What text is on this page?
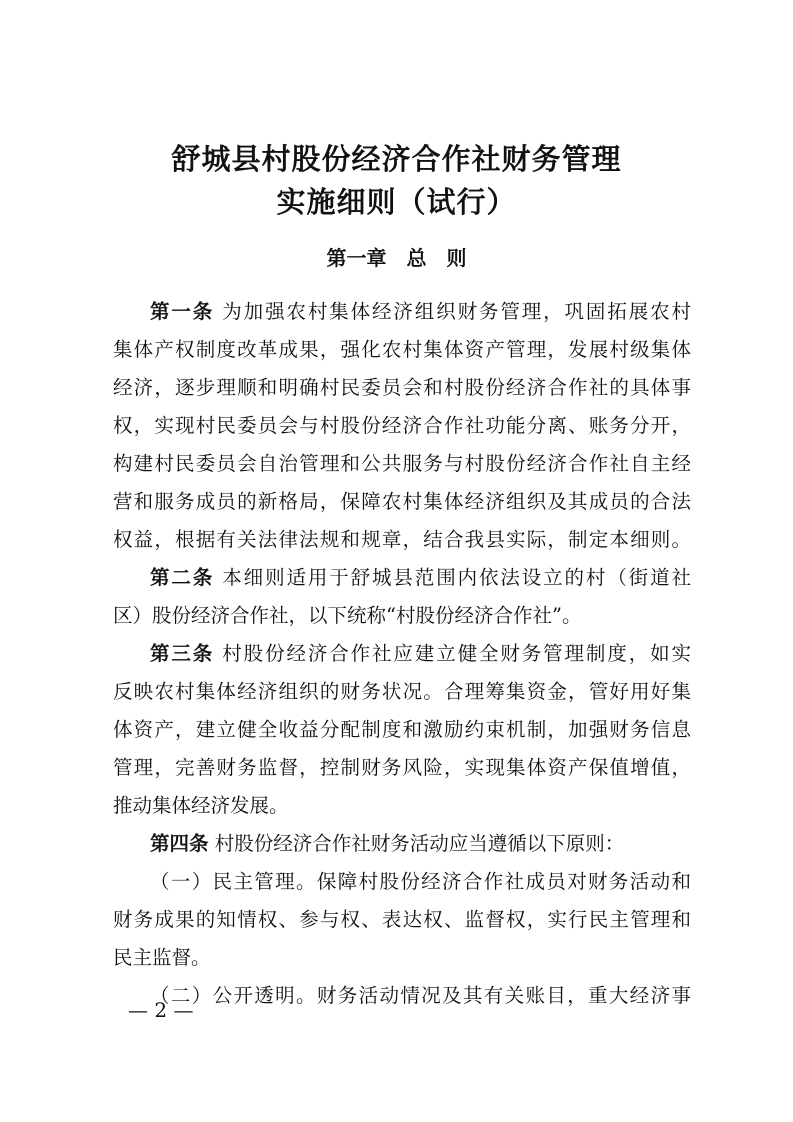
舒城县村股份经济合作社财务管理
实施细则（试行）
第一章　总　则
第一条 为加强农村集体经济组织财务管理，巩固拓展农村
集体产权制度改革成果，强化农村集体资产管理，发展村级集体
经济，逐步理顺和明确村民委员会和村股份经济合作社的具体事
权，实现村民委员会与村股份经济合作社功能分离、账务分开，
构建村民委员会自治管理和公共服务与村股份经济合作社自主经
营和服务成员的新格局，保障农村集体经济组织及其成员的合法
权益，根据有关法律法规和规章，结合我县实际，制定本细则。
第二条 本细则适用于舒城县范围内依法设立的村（街道社
区）股份经济合作社，以下统称“村股份经济合作社”。
第三条 村股份经济合作社应建立健全财务管理制度，如实
反映农村集体经济组织的财务状况。合理筹集资金，管好用好集
体资产，建立健全收益分配制度和激励约束机制，加强财务信息
管理，完善财务监督，控制财务风险，实现集体资产保值增值，
推动集体经济发展。
第四条 村股份经济合作社财务活动应当遵循以下原则：
（一）民主管理。保障村股份经济合作社成员对财务活动和
财务成果的知情权、参与权、表达权、监督权，实行民主管理和
民主监督。
（二）公开透明。财务活动情况及其有关账目，重大经济事
— 2 —
